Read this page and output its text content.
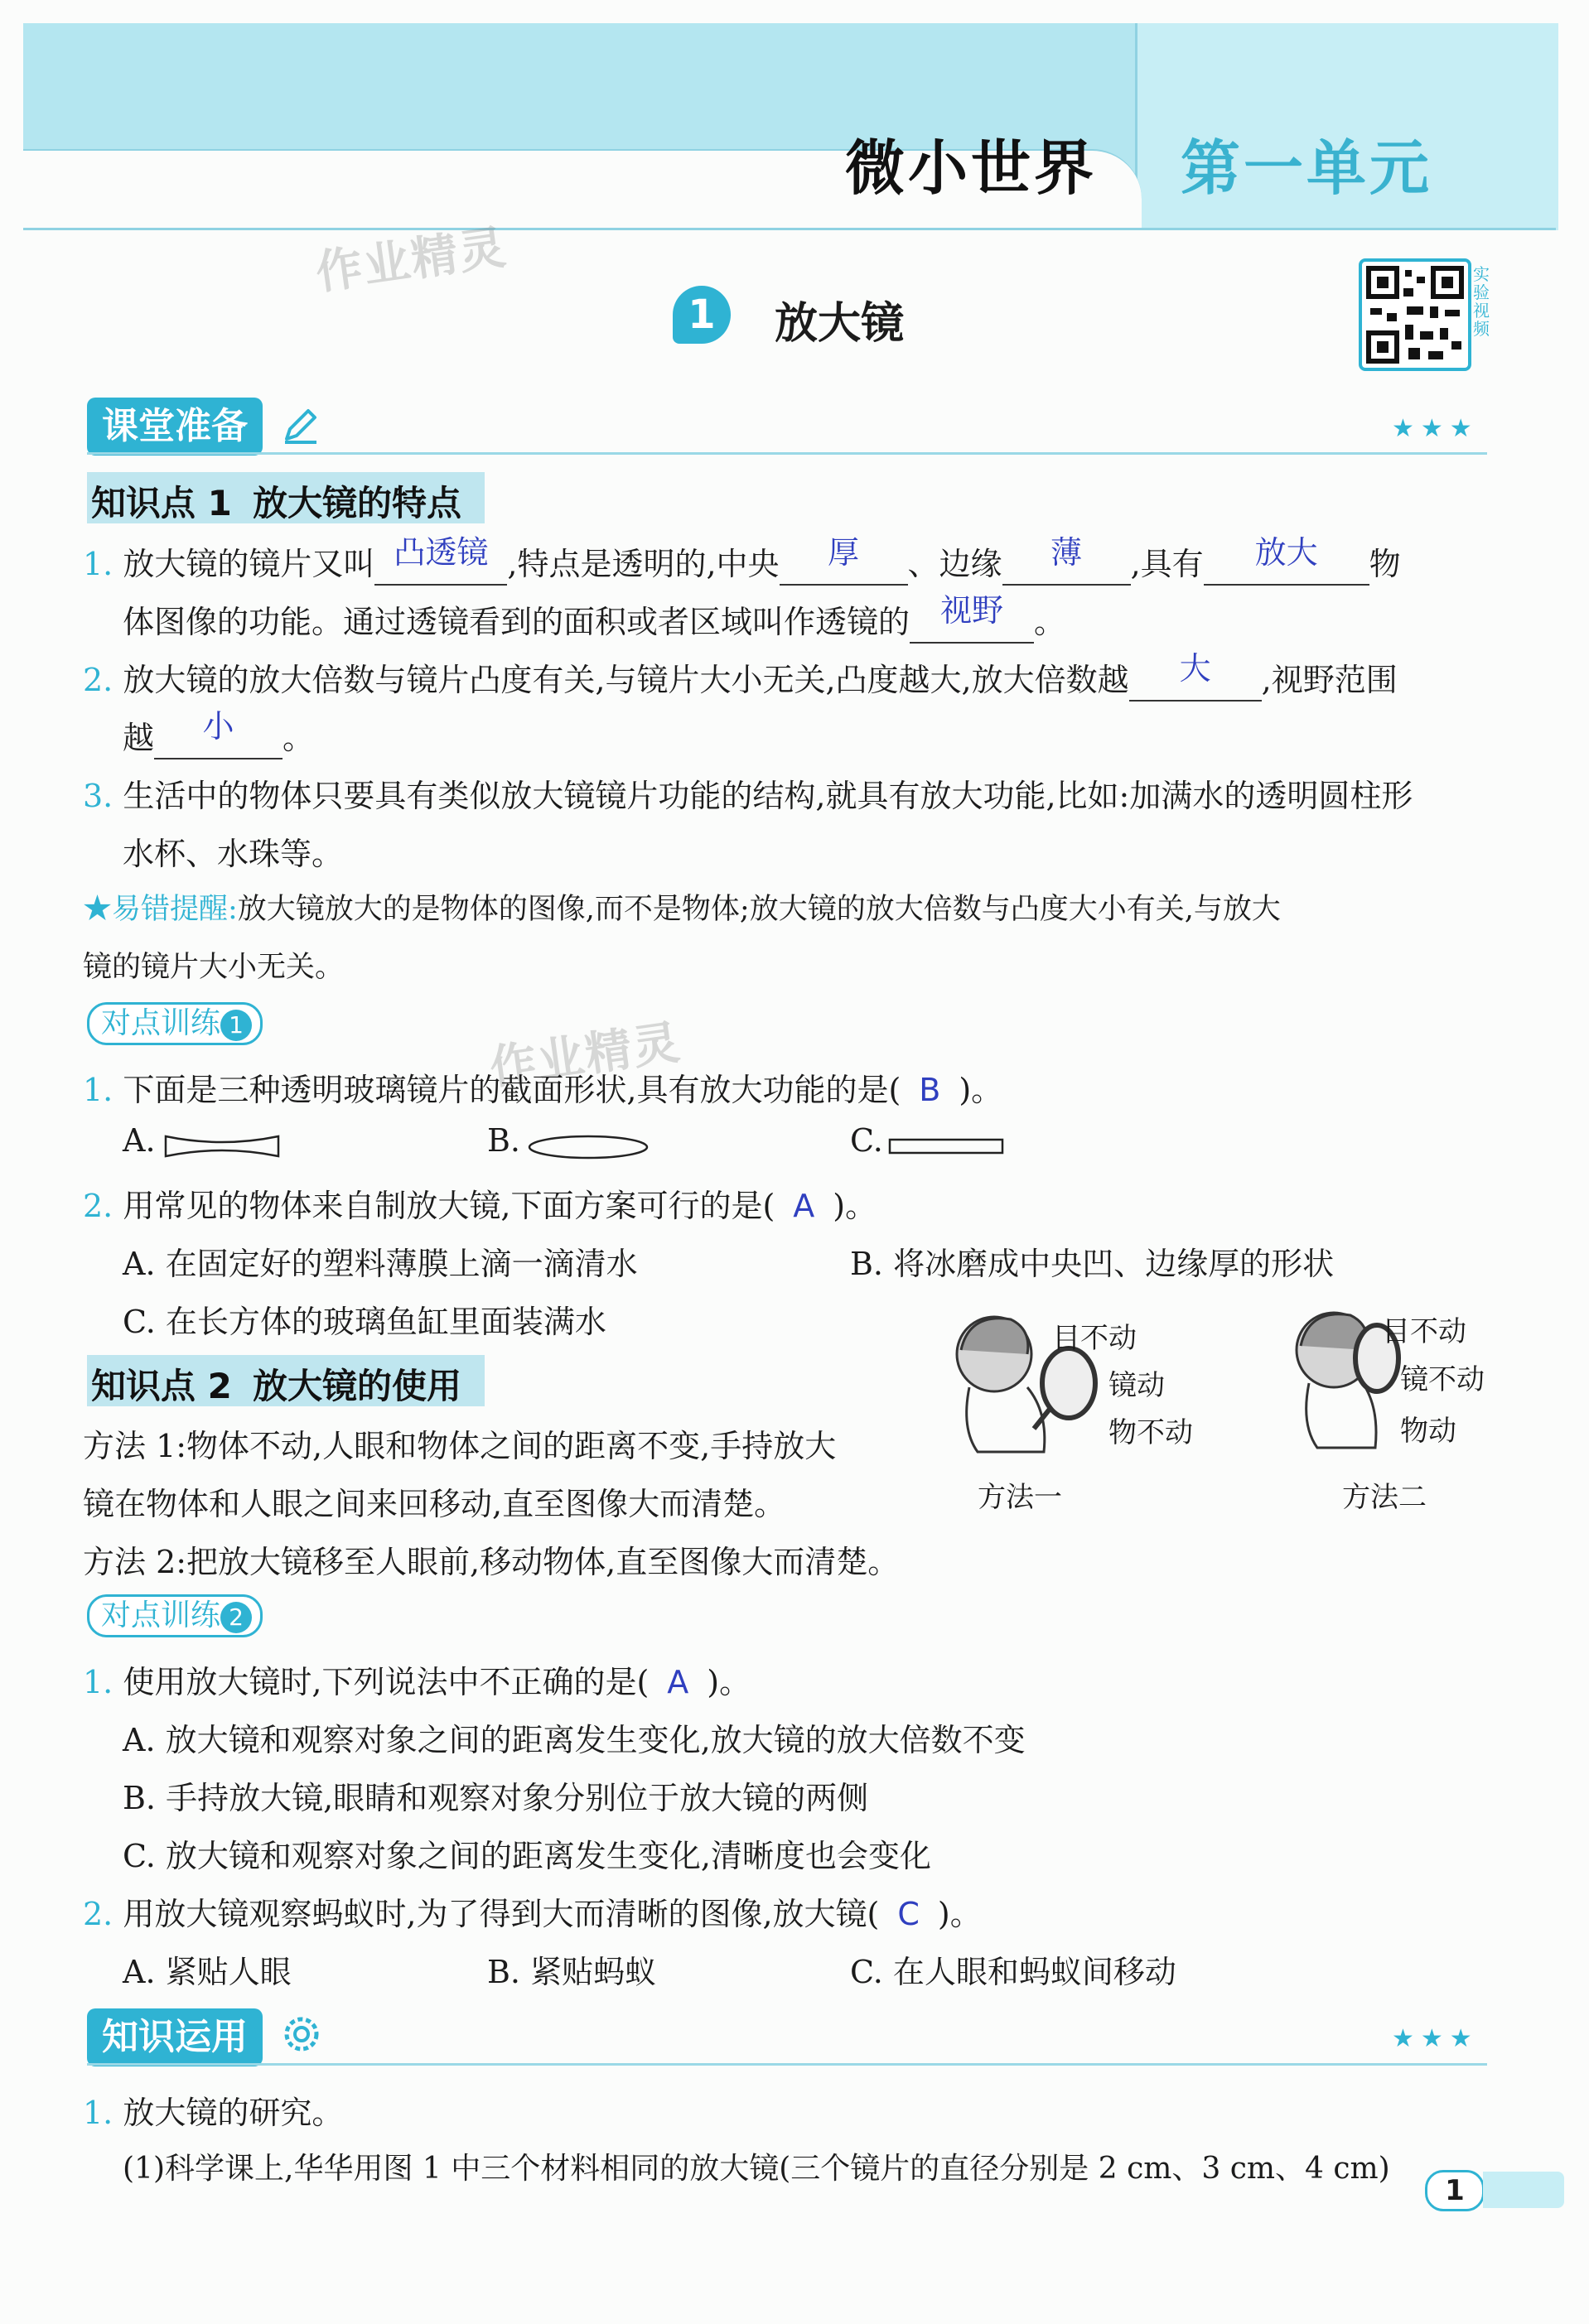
微小世界 第一单元
作业精灵
作业精灵
1	放大镜
实验视频
课堂准备	★★★
知识点 1 放大镜的特点
1. 放大镜的镜片又叫 凸透镜 ,特点是透明的,中央 厚 、边缘 薄 ,具有 放大 物
体图像的功能。通过透镜看到的面积或者区域叫作透镜的 视野 。
2. 放大镜的放大倍数与镜片凸度有关,与镜片大小无关,凸度越大,放大倍数越 大 ,视野范围
越 小 。
3. 生活中的物体只要具有类似放大镜镜片功能的结构,就具有放大功能,比如:加满水的透明圆柱形
水杯、水珠等。
★易错提醒:放大镜放大的是物体的图像,而不是物体;放大镜的放大倍数与凸度大小有关,与放大
镜的镜片大小无关。
对点训练 1
1. 下面是三种透明玻璃镜片的截面形状,具有放大功能的是( B )。
A.	B.	C.
2. 用常见的物体来自制放大镜,下面方案可行的是( A )。
A. 在固定好的塑料薄膜上滴一滴清水	B. 将冰磨成中央凹、边缘厚的形状
C. 在长方体的玻璃鱼缸里面装满水
知识点 2 放大镜的使用
方法 1:物体不动,人眼和物体之间的距离不变,手持放大
镜在物体和人眼之间来回移动,直至图像大而清楚。
方法 2:把放大镜移至人眼前,移动物体,直至图像大而清楚。
目不动
镜动
物不动
方法一
目不动
镜不动
物动
方法二
对点训练 2
1. 使用放大镜时,下列说法中不正确的是( A )。
A. 放大镜和观察对象之间的距离发生变化,放大镜的放大倍数不变
B. 手持放大镜,眼睛和观察对象分别位于放大镜的两侧
C. 放大镜和观察对象之间的距离发生变化,清晰度也会变化
2. 用放大镜观察蚂蚁时,为了得到大而清晰的图像,放大镜( C )。
A. 紧贴人眼	B. 紧贴蚂蚁	C. 在人眼和蚂蚁间移动
知识运用	★★★
1. 放大镜的研究。
(1)科学课上,华华用图 1 中三个材料相同的放大镜(三个镜片的直径分别是 2 cm、3 cm、4 cm)
1
